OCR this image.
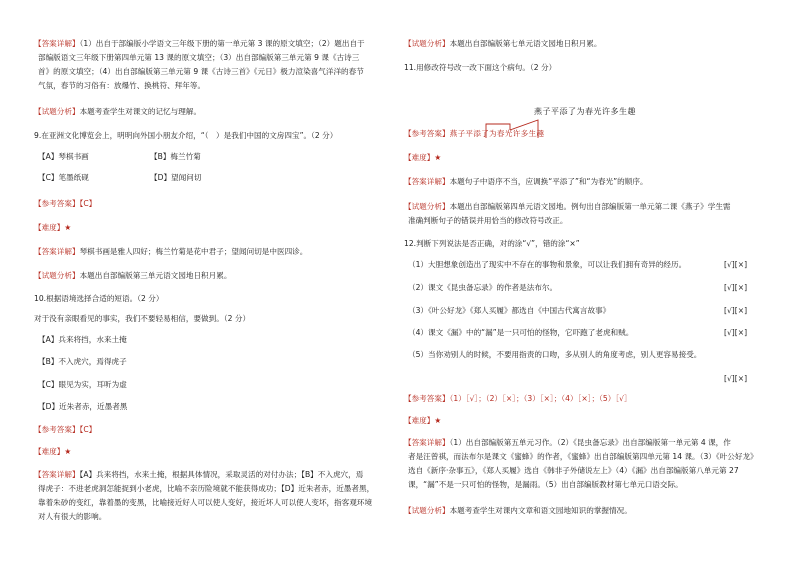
【答案详解】（1）出自于部编版小学语文三年级下册的第一单元第 3 课的原文填空；（2）题出自于
部编版语文三年级下册第四单元第 13 课的原文填空；（3）出自部编版第三单元第 9 课《古诗三
首》的原文填空；（4）出自部编版第三单元第 9 课《古诗三首》《元日》极力渲染喜气洋洋的春节
气氛，春节的习俗有：放爆竹、换桃符、拜年等。
【试题分析】本题考查学生对课文的记忆与理解。
9.在亚洲文化博览会上，明明向外国小朋友介绍，“（　）是我们中国的文房四宝”。（2 分）
【A】琴棋书画	【B】梅兰竹菊
【C】笔墨纸砚	【D】望闻问切
【参考答案】【C】
【难度】★
【答案详解】琴棋书画是雅人四好；梅兰竹菊是花中君子；望闻问切是中医四诊。
【试题分析】本题出自部编版第三单元语文园地日积月累。
10.根据语境选择合适的短语。（2 分）
对于没有亲眼看见的事实，我们不要轻易相信，要做到。（2 分）
【A】兵来将挡，水来土掩
【B】不入虎穴，焉得虎子
【C】眼见为实，耳听为虚
【D】近朱者赤，近墨者黑
【参考答案】【C】
【难度】★
【答案详解】【A】兵来将挡，水来土掩，根据具体情况，采取灵活的对付办法；【B】不入虎穴，焉
得虎子：不进老虎洞怎能捉到小老虎，比喻不亲历险境就不能获得成功；【D】近朱者赤，近墨者黑，
靠着朱砂的变红，靠着墨的变黑，比喻接近好人可以使人变好，接近坏人可以使人变坏，指客观环境
对人有很大的影响。
【试题分析】本题出自部编版第七单元语文园地日积月累。
11.用修改符号改一改下面这个病句。（2 分）
燕子平添了为春光许多生趣
【参考答案】燕子平添了为春光许多生趣
【难度】★
【答案详解】本题句子中语序不当，应调换“平添了”和“为春光”的顺序。
【试题分析】本题出自部编版第四单元语文园地。例句出自部编版第一单元第二课《燕子》学生需
准确判断句子的错误并用恰当的修改符号改正。
12.判断下列说法是否正确，对的涂“√”，错的涂“×”
（1）大胆想象创造出了现实中不存在的事物和景象，可以让我们拥有奇异的经历。	[√][×]
（2）课文《昆虫备忘录》的作者是法布尔。	[√][×]
（3）《叶公好龙》《郑人买履》都选自《中国古代寓言故事》	[√][×]
（4）课文《漏》中的“漏”是一只可怕的怪物，它吓跑了老虎和贼。	[√][×]
（5）当你劝别人的时候，不要用指责的口吻，多从别人的角度考虑，别人更容易接受。
[√][×]
【参考答案】（1）［√］；（2）［×］；（3）［×］；（4）［×］；（5）［√］
【难度】★
【答案详解】（1）出自部编版第五单元习作。（2）《昆虫备忘录》出自部编版第一单元第 4 课，作
者是汪曾祺，而法布尔是课文《蜜蜂》的作者，《蜜蜂》出自部编版第四单元第 14 课。（3）《叶公好龙》
选自《新序·杂事五》，《郑人买履》选自《韩非子外储说左上》（4）《漏》出自部编版第八单元第 27
课，“漏”不是一只可怕的怪物，是漏雨。（5）出自部编版教材第七单元口语交际。
【试题分析】本题考查学生对课内文章和语文园地知识的掌握情况。
